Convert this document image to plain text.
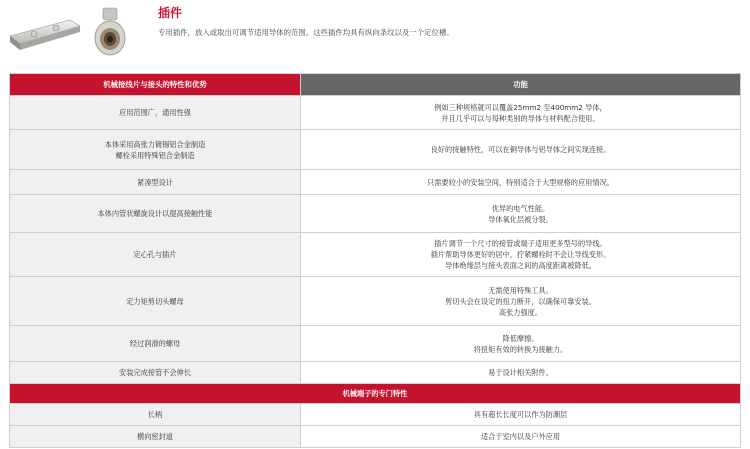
插件
专用插件，放入或取出可调节适用导体的范围。这些插件均具有纵向条纹以及一个定位槽。
机械接线片与接头的特性和优势	功能

应用范围广，通用性强	例如三种规格就可以覆盖25mm2 至400mm2 导体，
并且几乎可以与每种类别的导体与材料配合使用。

本体采用高张力镀锡铝合金制造
螺栓采用特殊铝合金制造	良好的接触特性，可以在铜导体与铝导体之间实现连接。

紧凑型设计	只需要较小的安装空间，特别适合于大型规格的应用情况。

本体内管状螺旋设计以提高接触性能	优异的电气性能。
导体氧化层被分裂。

定心孔与插片	插片调节一个尺寸的接管或端子适用更多型号的导线。
插片帮助导体更好的居中，拧紧螺栓时不会让导线变形。
导体绝缘层与接头表面之间的高度距离被降低。

定力矩剪切头螺母	无需使用特殊工具。
剪切头会在设定的扭力断开，以确保可靠安装。
高张力强度。

经过润滑的螺母	降低摩擦。
将扭矩有效的转换为接触力。

安装完成接管不会伸长	易于设计相关附件。

机械端子的专门特性	

长柄	具有超长长度可以作为防潮层

横向密封道	适合于室内以及户外应用
